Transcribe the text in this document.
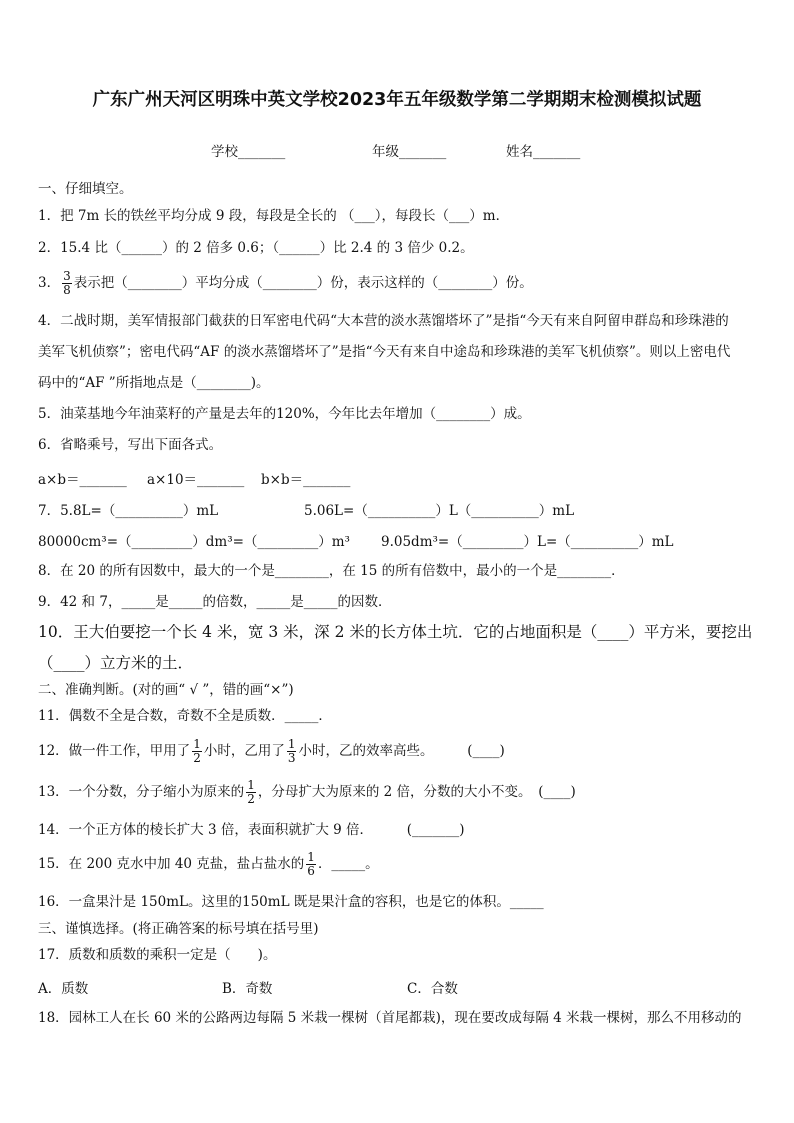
广东广州天河区明珠中英文学校2023年五年级数学第二学期期末检测模拟试题
学校_______	年级_______	姓名_______
一、仔细填空。
1．把 7m 长的铁丝平均分成 9 段，每段是全长的 （___），每段长（___）m．
2．15.4 比（______）的 2 倍多 0.6；（______）比 2.4 的 3 倍少 0.2。
3． $\frac{3}{8}$ 表示把（________）平均分成（________）份，表示这样的（________）份。
4．二战时期，美军情报部门截获的日军密电代码“大本营的淡水蒸馏塔坏了”是指“今天有来自阿留申群岛和珍珠港的
美军飞机侦察”；密电代码“AF 的淡水蒸馏塔坏了”是指“今天有来自中途岛和珍珠港的美军飞机侦察”。则以上密电代
码中的“AF ”所指地点是（________)。
5．油菜基地今年油菜籽的产量是去年的120%，今年比去年增加（________）成。
6．省略乘号，写出下面各式。
a×b＝_______ a×10＝_______ b×b＝_______
7．5.8L=（__________）mL	5.06L=（__________）L（__________）mL
80000cm³=（_________）dm³=（_________）m³ 9.05dm³=（_________）L=（__________）mL
8．在 20 的所有因数中，最大的一个是________，在 15 的所有倍数中，最小的一个是________．
9．42 和 7，_____是_____的倍数，_____是_____的因数．
10．王大伯要挖一个长 4 米，宽 3 米，深 2 米的长方体土坑．它的占地面积是（____）平方米，要挖出
（____）立方米的土．
二、准确判断。(对的画“ √ ”，错的画“×”)
11．偶数不全是合数，奇数不全是质数．_____．
12．做一件工作，甲用了 $\frac{1}{2}$ 小时，乙用了 $\frac{1}{3}$ 小时，乙的效率高些。　　　(____)
13．一个分数，分子缩小为原来的 $\frac{1}{2}$ ，分母扩大为原来的 2 倍，分数的大小不变。　(____)
14．一个正方体的棱长扩大 3 倍，表面积就扩大 9 倍．　　　(_______)
15．在 200 克水中加 40 克盐，盐占盐水的 $\frac{1}{6}$ ．_____。
16．一盒果汁是 150mL。这里的150mL 既是果汁盒的容积，也是它的体积。_____
三、谨慎选择。(将正确答案的标号填在括号里)
17．质数和质数的乘积一定是（　　)。
A．质数	B．奇数	C．合数
18．园林工人在长 60 米的公路两边每隔 5 米栽一棵树（首尾都栽)，现在要改成每隔 4 米栽一棵树，那么不用移动的
